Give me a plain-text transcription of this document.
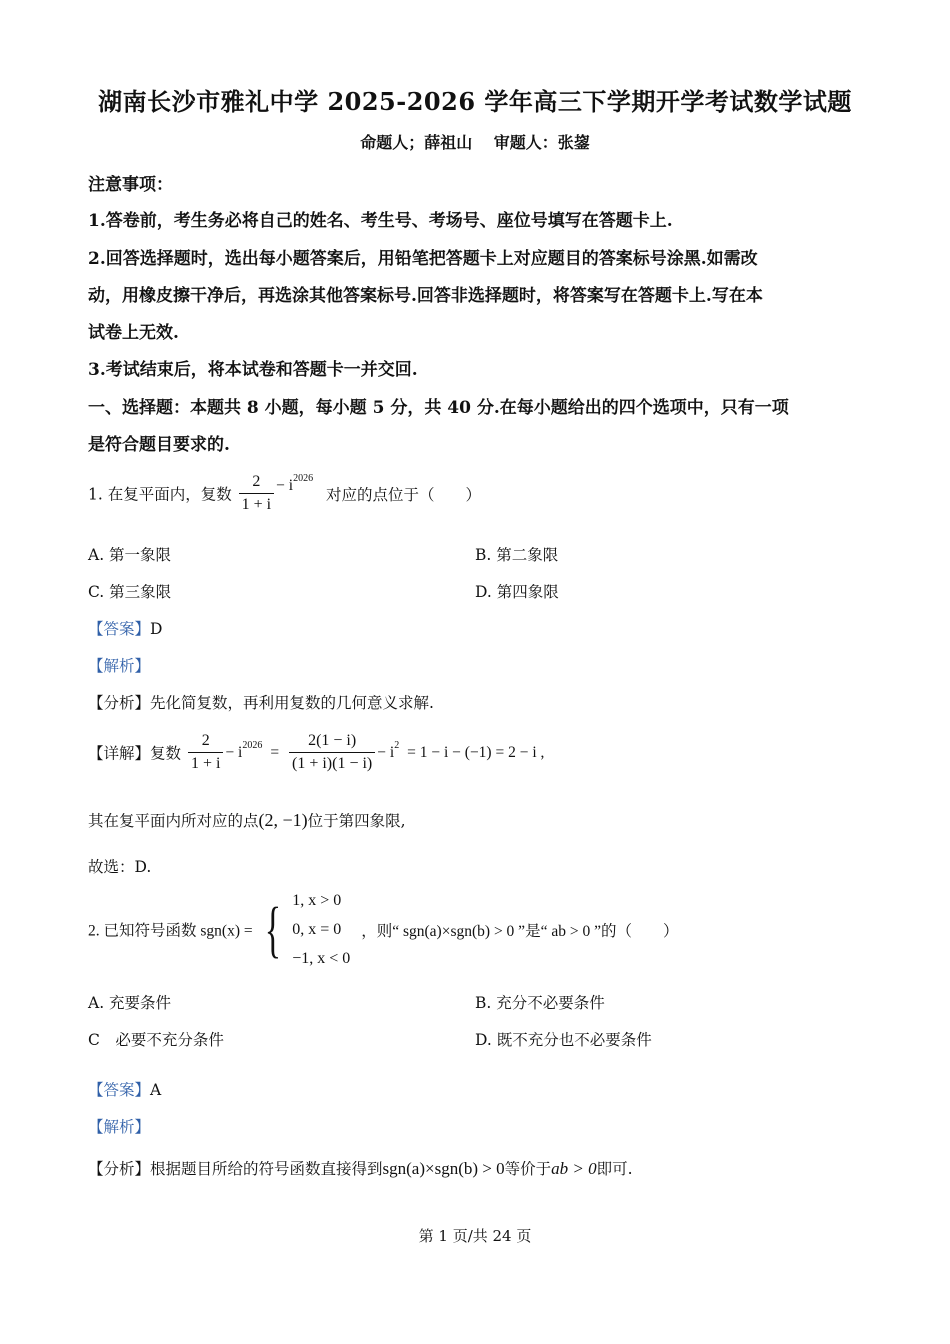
湖南长沙市雅礼中学 2025-2026 学年高三下学期开学考试数学试题
命题人；薛祖山　 审题人：张鋆
注意事项：
1.答卷前，考生务必将自己的姓名、考生号、考场号、座位号填写在答题卡上.
2.回答选择题时，选出每小题答案后，用铅笔把答题卡上对应题目的答案标号涂黑.如需改
动，用橡皮擦干净后，再选涂其他答案标号.回答非选择题时，将答案写在答题卡上.写在本
试卷上无效.
3.考试结束后，将本试卷和答题卡一并交回.
一、选择题：本题共 8 小题，每小题 5 分，共 40 分.在每小题给出的四个选项中，只有一项
是符合题目要求的.
1. 在复平面内，复数 $\frac{2}{1 + i} - i^{2026}$ 对应的点位于（　　）
A. 第一象限	B. 第二象限
C. 第三象限	D. 第四象限
【答案】D
【解析】
【分析】先化简复数，再利用复数的几何意义求解.
【详解】复数 $\frac{2}{1 + i} - i^{2026} = \frac{2(1 - i)}{(1 + i)(1 - i)} - i^2 = 1 - i - (-1) = 2 - i$ ,
其在复平面内所对应的点(2, −1)位于第四象限,
故选：D.
2. 已知符号函数 sgn(x) = { 1, x > 0
0, x = 0
−1, x < 0
，则“ sgn(a)×sgn(b) > 0 ”是“ ab > 0 ”的（　　）
A. 充要条件	B. 充分不必要条件
C　必要不充分条件	D. 既不充分也不必要条件
【答案】A
【解析】
【分析】根据题目所给的符号函数直接得到sgn(a)×sgn(b) > 0等价于ab > 0即可.
第 1 页/共 24 页
